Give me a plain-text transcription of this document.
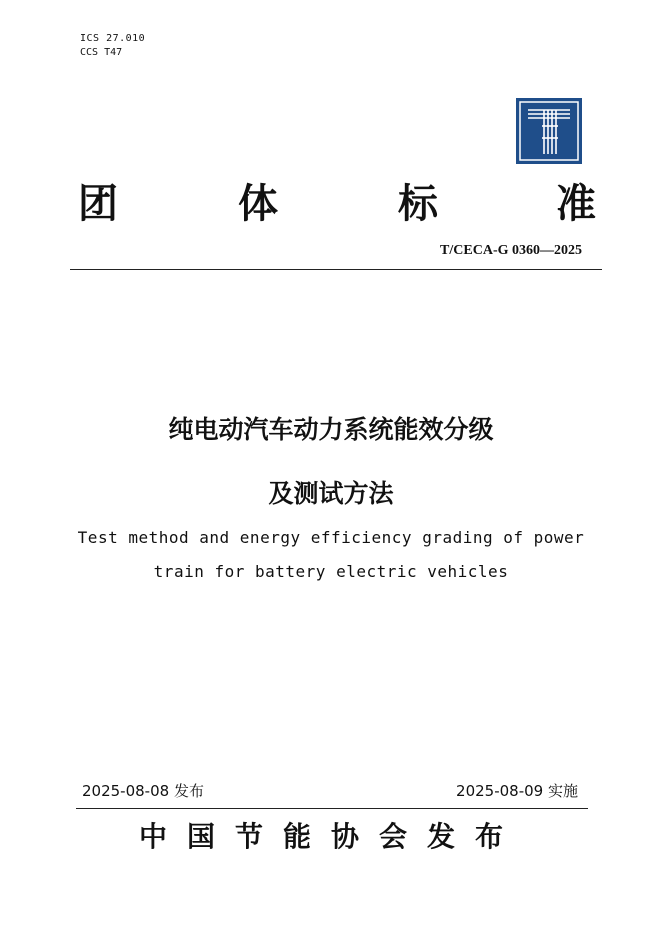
ICS 27.010
CCS T47
团	体	标	准
T/CECA-G 0360—2025
纯电动汽车动力系统能效分级
及测试方法
Test method and energy efficiency grading of power
train for battery electric vehicles
2025-08-08 发布	2025-08-09 实施
中国节能协会发布
